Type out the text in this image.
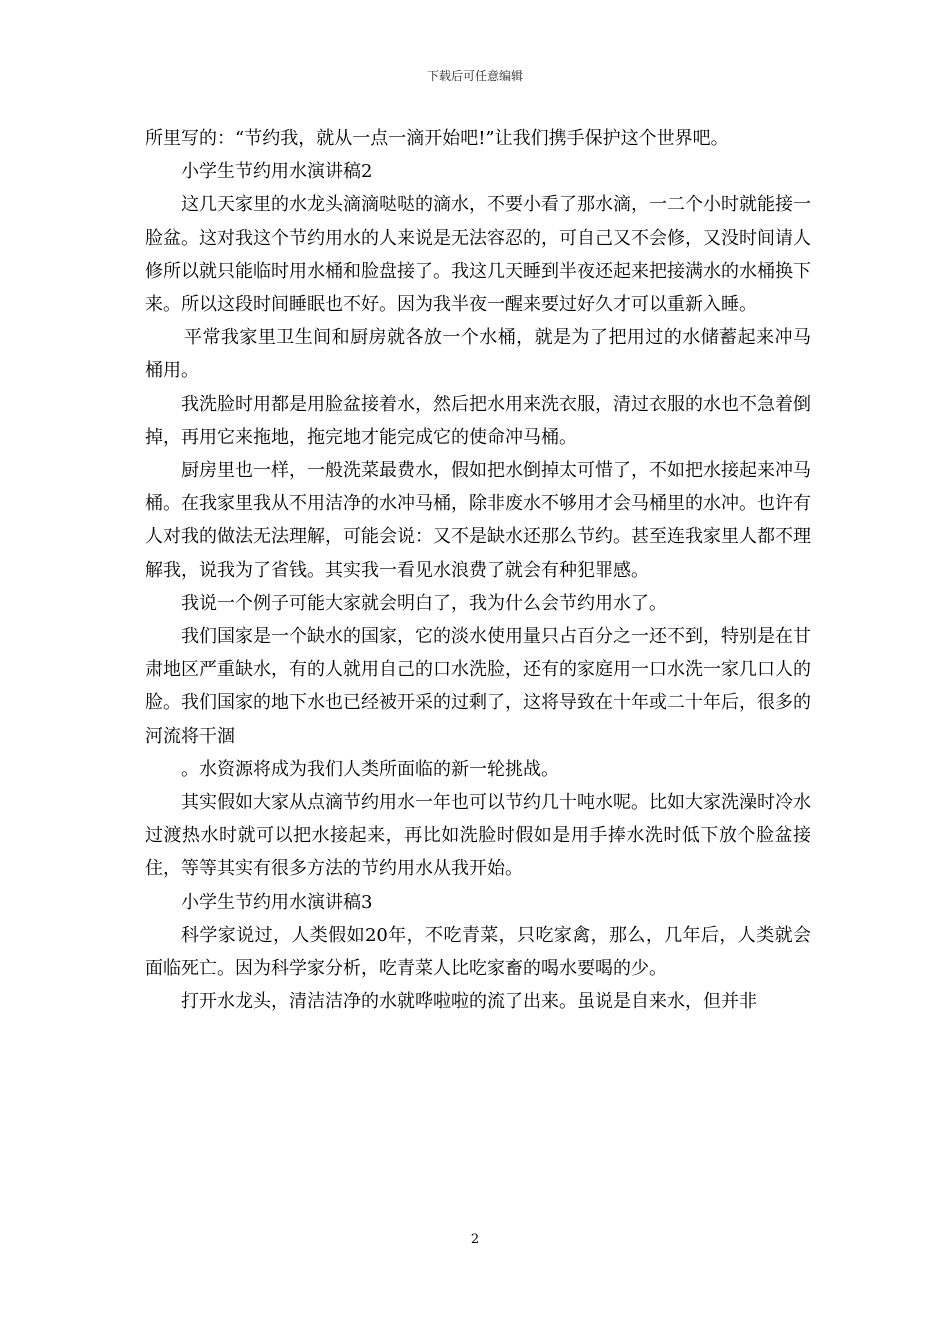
下载后可任意编辑

所里写的：“节约我，就从一点一滴开始吧!”让我们携手保护这个世界吧。

小学生节约用水演讲稿2

这几天家里的水龙头滴滴哒哒的滴水，不要小看了那水滴，一二个小时就能接一脸盆。这对我这个节约用水的人来说是无法容忍的，可自己又不会修，又没时间请人修所以就只能临时用水桶和脸盘接了。我这几天睡到半夜还起来把接满水的水桶换下来。所以这段时间睡眠也不好。因为我半夜一醒来要过好久才可以重新入睡。

平常我家里卫生间和厨房就各放一个水桶，就是为了把用过的水储蓄起来冲马桶用。

我洗脸时用都是用脸盆接着水，然后把水用来洗衣服，清过衣服的水也不急着倒掉，再用它来拖地，拖完地才能完成它的使命冲马桶。

厨房里也一样，一般洗菜最费水，假如把水倒掉太可惜了，不如把水接起来冲马桶。在我家里我从不用洁净的水冲马桶，除非废水不够用才会马桶里的水冲。也许有人对我的做法无法理解，可能会说：又不是缺水还那么节约。甚至连我家里人都不理解我，说我为了省钱。其实我一看见水浪费了就会有种犯罪感。

我说一个例子可能大家就会明白了，我为什么会节约用水了。

我们国家是一个缺水的国家，它的淡水使用量只占百分之一还不到，特别是在甘肃地区严重缺水，有的人就用自己的口水洗脸，还有的家庭用一口水洗一家几口人的脸。我们国家的地下水也已经被开采的过剩了，这将导致在十年或二十年后，很多的河流将干涸

。水资源将成为我们人类所面临的新一轮挑战。

其实假如大家从点滴节约用水一年也可以节约几十吨水呢。比如大家洗澡时冷水过渡热水时就可以把水接起来，再比如洗脸时假如是用手捧水洗时低下放个脸盆接住，等等其实有很多方法的节约用水从我开始。

小学生节约用水演讲稿3

科学家说过，人类假如20年，不吃青菜，只吃家禽，那么，几年后，人类就会面临死亡。因为科学家分析，吃青菜人比吃家畜的喝水要喝的少。

打开水龙头，清洁洁净的水就哗啦啦的流了出来。虽说是自来水，但并非

2
